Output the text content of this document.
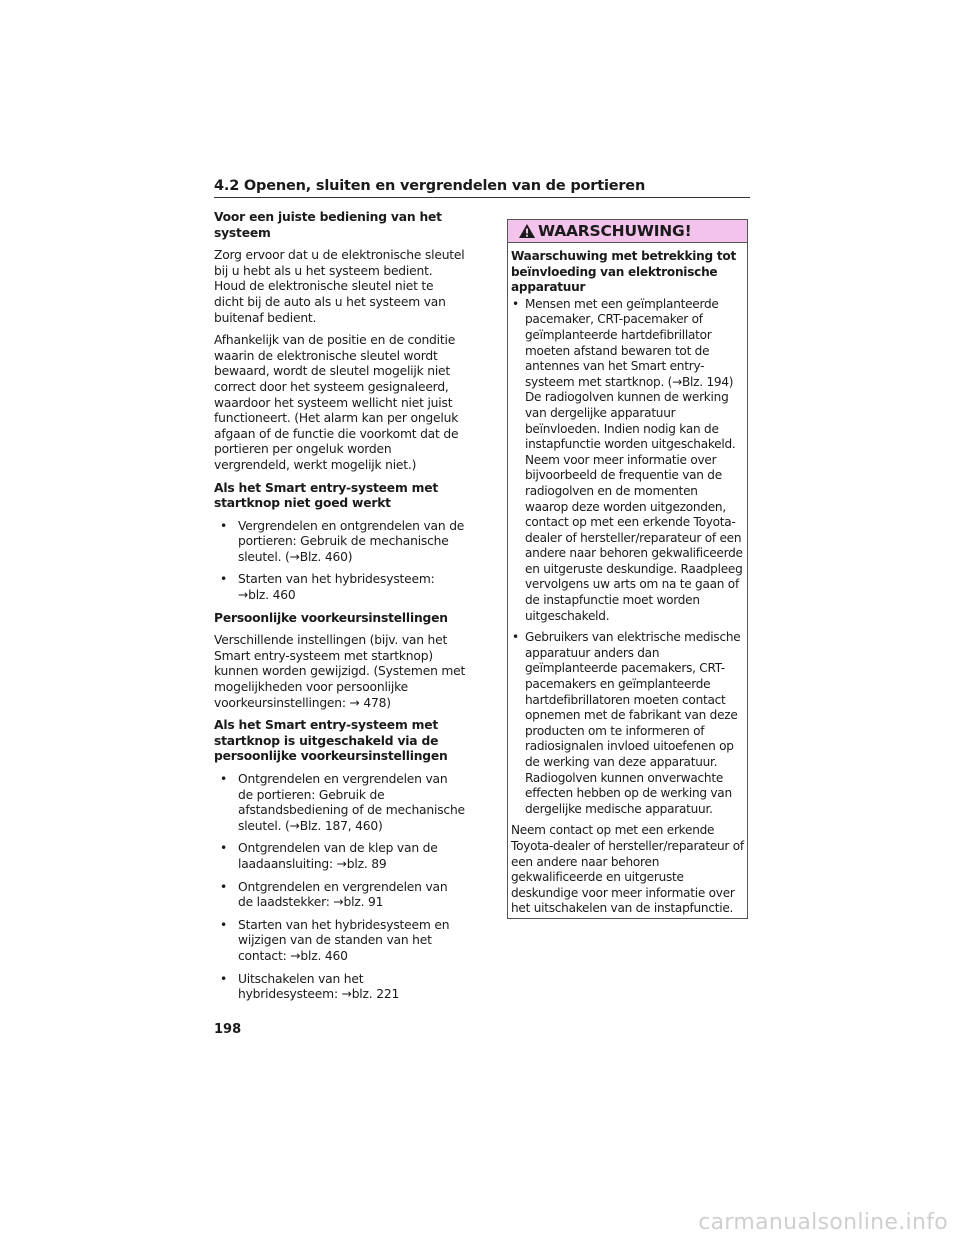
4.2 Openen, sluiten en vergrendelen van de portieren

Voor een juiste bediening van het systeem

Zorg ervoor dat u de elektronische sleutel bij u hebt als u het systeem bedient. Houd de elektronische sleutel niet te dicht bij de auto als u het systeem van buitenaf bedient.

Afhankelijk van de positie en de conditie waarin de elektronische sleutel wordt bewaard, wordt de sleutel mogelijk niet correct door het systeem gesignaleerd, waardoor het systeem wellicht niet juist functioneert. (Het alarm kan per ongeluk afgaan of de functie die voorkomt dat de portieren per ongeluk worden vergrendeld, werkt mogelijk niet.)

Als het Smart entry-systeem met startknop niet goed werkt

• Vergrendelen en ontgrendelen van de portieren: Gebruik de mechanische sleutel. (→Blz. 460)
• Starten van het hybridesysteem: →blz. 460

Persoonlijke voorkeursinstellingen

Verschillende instellingen (bijv. van het Smart entry-systeem met startknop) kunnen worden gewijzigd. (Systemen met mogelijkheden voor persoonlijke voorkeursinstellingen: → 478)

Als het Smart entry-systeem met startknop is uitgeschakeld via de persoonlijke voorkeursinstellingen

• Ontgrendelen en vergrendelen van de portieren: Gebruik de afstandsbediening of de mechanische sleutel. (→Blz. 187, 460)
• Ontgrendelen van de klep van de laadaansluiting: →blz. 89
• Ontgrendelen en vergrendelen van de laadstekker: →blz. 91
• Starten van het hybridesysteem en wijzigen van de standen van het contact: →blz. 460
• Uitschakelen van het hybridesysteem: →blz. 221
WAARSCHUWING!

Waarschuwing met betrekking tot beïnvloeding van elektronische apparatuur

• Mensen met een geïmplanteerde pacemaker, CRT-pacemaker of geïmplanteerde hartdefibrillator moeten afstand bewaren tot de antennes van het Smart entry-systeem met startknop. (→Blz. 194) De radiogolven kunnen de werking van dergelijke apparatuur beïnvloeden. Indien nodig kan de instapfunctie worden uitgeschakeld. Neem voor meer informatie over bijvoorbeeld de frequentie van de radiogolven en de momenten waarop deze worden uitgezonden, contact op met een erkende Toyota-dealer of hersteller/reparateur of een andere naar behoren gekwalificeerde en uitgeruste deskundige. Raadpleeg vervolgens uw arts om na te gaan of de instapfunctie moet worden uitgeschakeld.
• Gebruikers van elektrische medische apparatuur anders dan geïmplanteerde pacemakers, CRT-pacemakers en geïmplanteerde hartdefibrillatoren moeten contact opnemen met de fabrikant van deze producten om te informeren of radiosignalen invloed uitoefenen op de werking van deze apparatuur. Radiogolven kunnen onverwachte effecten hebben op de werking van dergelijke medische apparatuur.

Neem contact op met een erkende Toyota-dealer of hersteller/reparateur of een andere naar behoren gekwalificeerde en uitgeruste deskundige voor meer informatie over het uitschakelen van de instapfunctie.

198
carmanualsonline.info
